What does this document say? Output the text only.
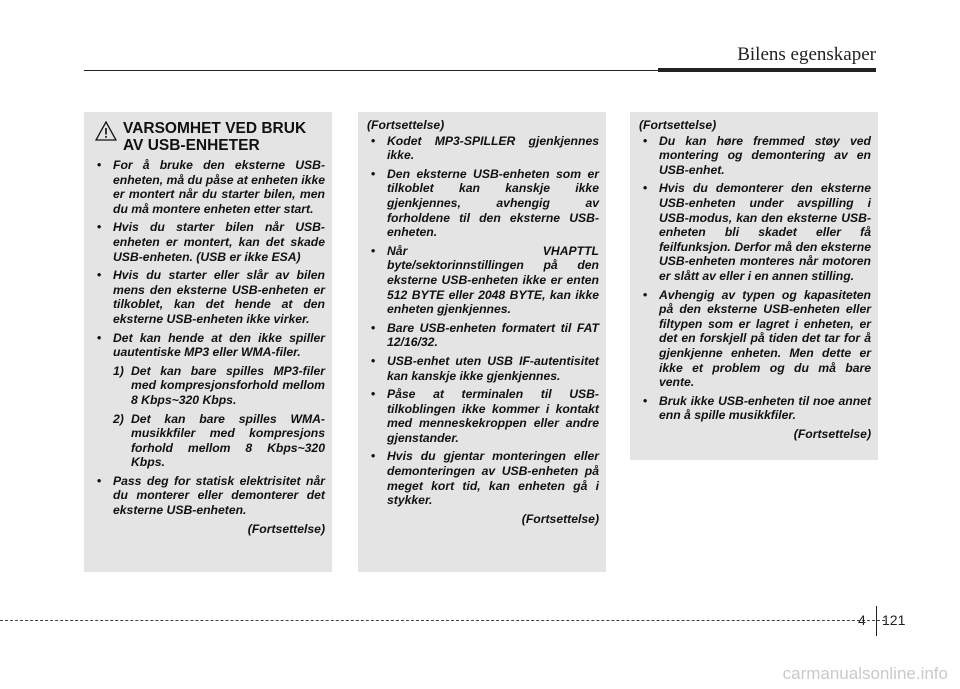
Bilens egenskaper
VARSOMHET VED BRUK AV USB-ENHETER
• For å bruke den eksterne USB-enheten, må du påse at enheten ikke er montert når du starter bilen, men du må montere enheten etter start.
• Hvis du starter bilen når USB-enheten er montert, kan det skade USB-enheten. (USB er ikke ESA)
• Hvis du starter eller slår av bilen mens den eksterne USB-enheten er tilkoblet, kan det hende at den eksterne USB-enheten ikke virker.
• Det kan hende at den ikke spiller uautentiske MP3 eller WMA-filer.
1) Det kan bare spilles MP3-filer med kompresjonsforhold mellom 8 Kbps~320 Kbps.
2) Det kan bare spilles WMA-musikkfiler med kompresjons forhold mellom 8 Kbps~320 Kbps.
• Pass deg for statisk elektrisitet når du monterer eller demonterer det eksterne USB-enheten.
(Fortsettelse)
(Fortsettelse)
• Kodet MP3-SPILLER gjenkjennes ikke.
• Den eksterne USB-enheten som er tilkoblet kan kanskje ikke gjenkjennes, avhengig av forholdene til den eksterne USB-enheten.
• Når VHAPTTL byte/sektorinnstillingen på den eksterne USB-enheten ikke er enten 512 BYTE eller 2048 BYTE, kan ikke enheten gjenkjennes.
• Bare USB-enheten formatert til FAT 12/16/32.
• USB-enhet uten USB IF-autentisitet kan kanskje ikke gjenkjennes.
• Påse at terminalen til USB-tilkoblingen ikke kommer i kontakt med menneskekroppen eller andre gjenstander.
• Hvis du gjentar monteringen eller demonteringen av USB-enheten på meget kort tid, kan enheten gå i stykker.
(Fortsettelse)
(Fortsettelse)
• Du kan høre fremmed støy ved montering og demontering av en USB-enhet.
• Hvis du demonterer den eksterne USB-enheten under avspilling i USB-modus, kan den eksterne USB-enheten bli skadet eller få feilfunksjon. Derfor må den eksterne USB-enheten monteres når motoren er slått av eller i en annen stilling.
• Avhengig av typen og kapasiteten på den eksterne USB-enheten eller filtypen som er lagret i enheten, er det en forskjell på tiden det tar for å gjenkjenne enheten. Men dette er ikke et problem og du må bare vente.
• Bruk ikke USB-enheten til noe annet enn å spille musikkfiler.
(Fortsettelse)
4 121
carmanualsonline.info
